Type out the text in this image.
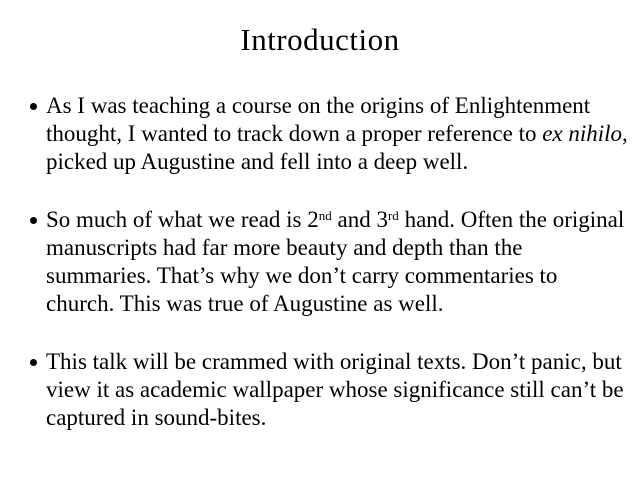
Introduction
As I was teaching a course on the origins of Enlightenment thought, I wanted to track down a proper reference to ex nihilo, picked up Augustine and fell into a deep well.
So much of what we read is 2nd and 3rd hand. Often the original manuscripts had far more beauty and depth than the summaries. That’s why we don’t carry commentaries to church. This was true of Augustine as well.
This talk will be crammed with original texts. Don’t panic, but view it as academic wallpaper whose significance still can’t be captured in sound-bites.
